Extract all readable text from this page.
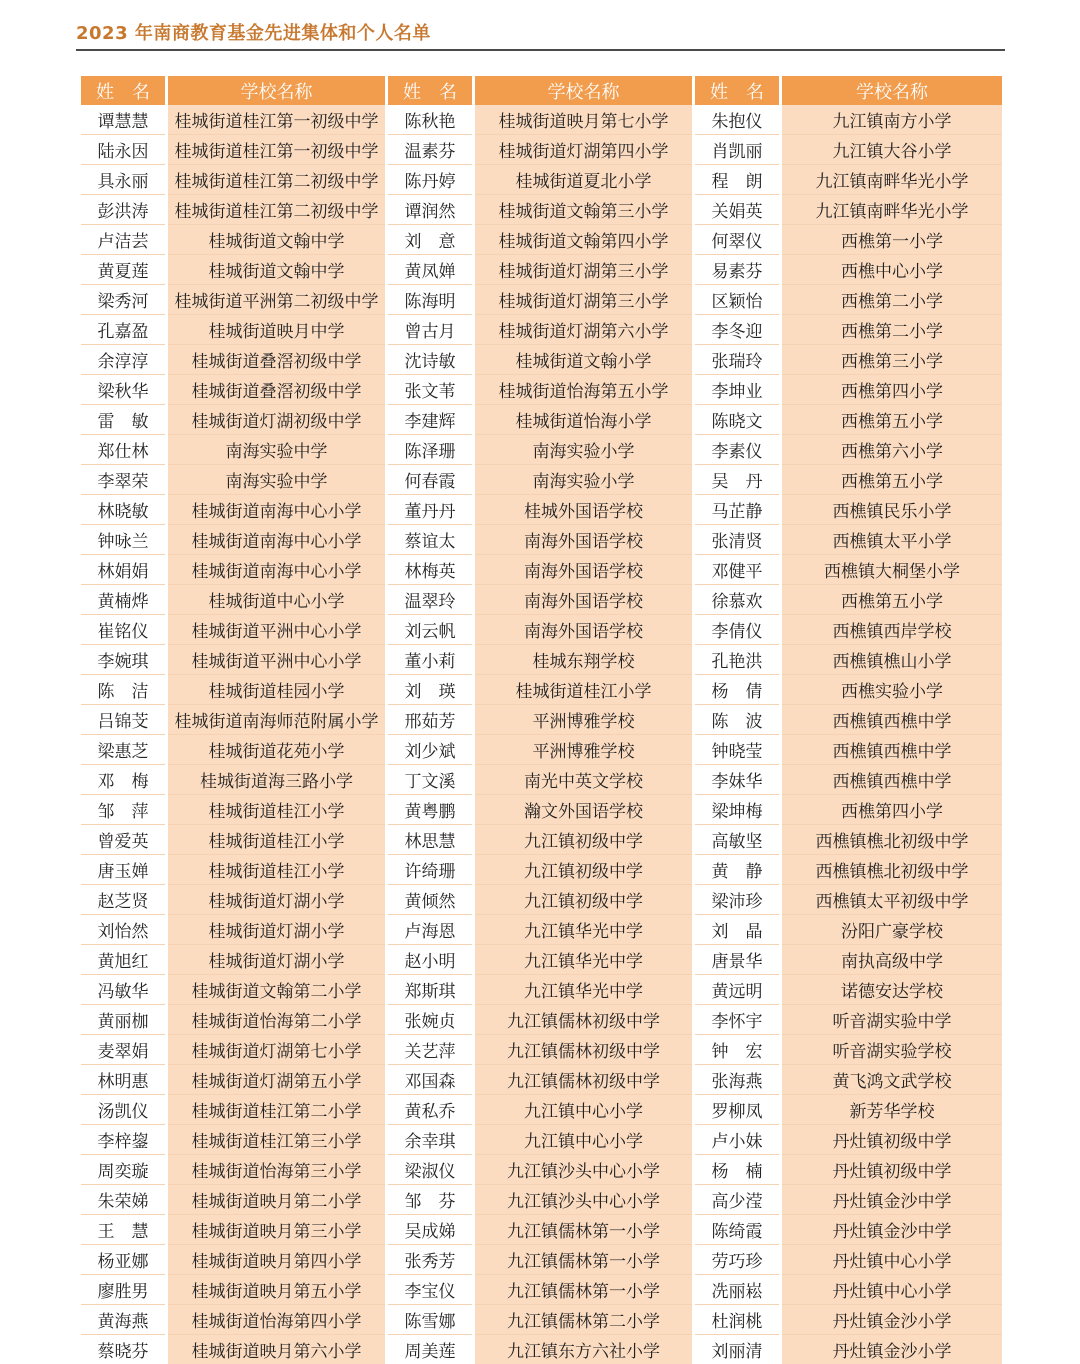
2023 年南商教育基金先进集体和个人名单
姓　名	学校名称	姓　名	学校名称	姓　名	学校名称
谭慧慧	桂城街道桂江第一初级中学	陈秋艳	桂城街道映月第七小学	朱抱仪	九江镇南方小学
陆永因	桂城街道桂江第一初级中学	温素芬	桂城街道灯湖第四小学	肖凯丽	九江镇大谷小学
具永丽	桂城街道桂江第二初级中学	陈丹婷	桂城街道夏北小学	程　朗	九江镇南畔华光小学
彭洪涛	桂城街道桂江第二初级中学	谭润然	桂城街道文翰第三小学	关娟英	九江镇南畔华光小学
卢洁芸	桂城街道文翰中学	刘　意	桂城街道文翰第四小学	何翠仪	西樵第一小学
黄夏莲	桂城街道文翰中学	黄凤婵	桂城街道灯湖第三小学	易素芬	西樵中心小学
梁秀河	桂城街道平洲第二初级中学	陈海明	桂城街道灯湖第三小学	区颖怡	西樵第二小学
孔嘉盈	桂城街道映月中学	曾古月	桂城街道灯湖第六小学	李冬迎	西樵第二小学
余淳淳	桂城街道叠滘初级中学	沈诗敏	桂城街道文翰小学	张瑞玲	西樵第三小学
梁秋华	桂城街道叠滘初级中学	张文苇	桂城街道怡海第五小学	李坤业	西樵第四小学
雷　敏	桂城街道灯湖初级中学	李建辉	桂城街道怡海小学	陈晓文	西樵第五小学
郑仕林	南海实验中学	陈泽珊	南海实验小学	李素仪	西樵第六小学
李翠荣	南海实验中学	何春霞	南海实验小学	吴　丹	西樵第五小学
林晓敏	桂城街道南海中心小学	董丹丹	桂城外国语学校	马芷静	西樵镇民乐小学
钟咏兰	桂城街道南海中心小学	蔡谊太	南海外国语学校	张清贤	西樵镇太平小学
林娟娟	桂城街道南海中心小学	林梅英	南海外国语学校	邓健平	西樵镇大桐堡小学
黄楠烨	桂城街道中心小学	温翠玲	南海外国语学校	徐慕欢	西樵第五小学
崔铭仪	桂城街道平洲中心小学	刘云帆	南海外国语学校	李倩仪	西樵镇西岸学校
李婉琪	桂城街道平洲中心小学	董小莉	桂城东翔学校	孔艳洪	西樵镇樵山小学
陈　洁	桂城街道桂园小学	刘　瑛	桂城街道桂江小学	杨　倩	西樵实验小学
吕锦芠	桂城街道南海师范附属小学	邢茹芳	平洲博雅学校	陈　波	西樵镇西樵中学
梁惠芝	桂城街道花苑小学	刘少斌	平洲博雅学校	钟晓莹	西樵镇西樵中学
邓　梅	桂城街道海三路小学	丁文溪	南光中英文学校	李妹华	西樵镇西樵中学
邹　萍	桂城街道桂江小学	黄粤鹏	瀚文外国语学校	梁坤梅	西樵第四小学
曾爱英	桂城街道桂江小学	林思慧	九江镇初级中学	高敏坚	西樵镇樵北初级中学
唐玉婵	桂城街道桂江小学	许绮珊	九江镇初级中学	黄　静	西樵镇樵北初级中学
赵芝贤	桂城街道灯湖小学	黄倾然	九江镇初级中学	梁沛珍	西樵镇太平初级中学
刘怡然	桂城街道灯湖小学	卢海恩	九江镇华光中学	刘　晶	汾阳广豪学校
黄旭红	桂城街道灯湖小学	赵小明	九江镇华光中学	唐景华	南执高级中学
冯敏华	桂城街道文翰第二小学	郑斯琪	九江镇华光中学	黄远明	诺德安达学校
黄丽枷	桂城街道怡海第二小学	张婉贞	九江镇儒林初级中学	李怀宇	听音湖实验中学
麦翠娟	桂城街道灯湖第七小学	关艺萍	九江镇儒林初级中学	钟　宏	听音湖实验学校
林明惠	桂城街道灯湖第五小学	邓国森	九江镇儒林初级中学	张海燕	黄飞鸿文武学校
汤凯仪	桂城街道桂江第二小学	黄私乔	九江镇中心小学	罗柳凤	新芳华学校
李梓鋆	桂城街道桂江第三小学	余幸琪	九江镇中心小学	卢小妹	丹灶镇初级中学
周奕璇	桂城街道怡海第三小学	梁淑仪	九江镇沙头中心小学	杨　楠	丹灶镇初级中学
朱荣娣	桂城街道映月第二小学	邹　芬	九江镇沙头中心小学	高少滢	丹灶镇金沙中学
王　慧	桂城街道映月第三小学	吴成娣	九江镇儒林第一小学	陈绮霞	丹灶镇金沙中学
杨亚娜	桂城街道映月第四小学	张秀芳	九江镇儒林第一小学	劳巧珍	丹灶镇中心小学
廖胜男	桂城街道映月第五小学	李宝仪	九江镇儒林第一小学	冼丽崧	丹灶镇中心小学
黄海燕	桂城街道怡海第四小学	陈雪娜	九江镇儒林第二小学	杜润桃	丹灶镇金沙小学
蔡晓芬	桂城街道映月第六小学	周美莲	九江镇东方六社小学	刘丽清	丹灶镇金沙小学
